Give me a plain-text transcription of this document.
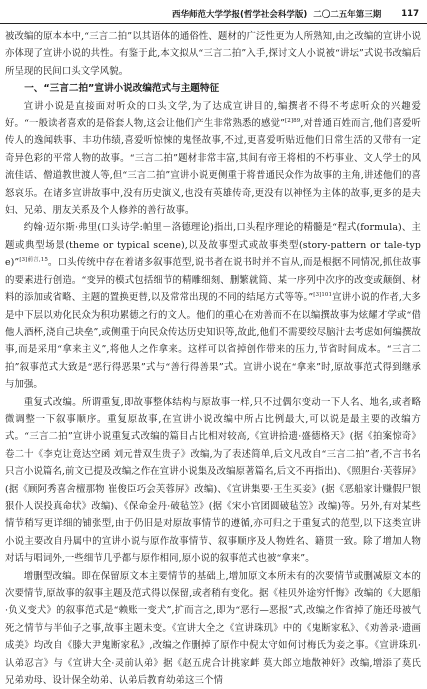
西华师范大学学报(哲学社会科学版) 二〇二五年第三期 117

被改编的原本本中,“三言二拍”以其语体的通俗性、题材的广泛性更为人所熟知,由之改编的宣讲小说亦体现了宣讲小说的共性。有鉴于此,本文拟从“三言二拍”入手,探讨文人小说被“讲坛”式说书改编后所呈现的民间口头文学风貌。

一、“三言二拍”宣讲小说改编范式与主题特征

宣讲小说是直接面对听众的口头文学,为了达成宣讲目的,编撰者不得不考虑听众的兴趣爱好。“一般读者喜欢的是俗套人物,这会让他们产生非常熟悉的感觉”$^{[2]89}$,对普通百姓而言,他们喜爱听传人的逸闻轶事、丰功伟绩,喜爱听惊悚的鬼怪故事,不过,更喜爱听贴近他们日常生活的又带有一定奇异色彩的平常人物的故事。“三言二拍”题材非常丰富,其间有帝王将相的不朽事业、文人学士的风流佳话、僧道教世渡人等,但“三言二拍”宣讲小说更侧重于将普通民众作为故事的主角,讲述他们的喜怒哀乐。在诸多宣讲故事中,没有历史演义,也没有英雄传奇,更没有以神怪为主体的故事,更多的是夫妇、兄弟、朋友关系及个人修养的善行故事。

约翰·迈尔斯·弗里(口头诗学:帕里－洛德理论)指出,口头程序理论的精髓是“程式(formula)、主题或典型场景(theme or typical scene),以及故事型式或故事类型(story-pattern or tale-type)”$^{[3]前言,15}$。口头传统中存在着诸多叙事范型,说书者在说书时并不盲从,而是根据不同情况,抓住故事的要素进行创造。“变异的模式包括细节的精雕细刻、删繁就简、某一序列中次序的改变或颠倒、材料的添加或省略、主题的置换更替,以及常常出现的不同的结尾方式等等。”$^{[3]101}$宣讲小说的作者,大多是中下层以劝化民众为积功累德之行的文人。他们的重心在劝善而不在以编撰故事为炫耀才学或“借他人酒杯,浇自己块垒”,或侧重于向民众传达历史知识等,故此,他们不需要绞尽脑汁去考虑如何编撰故事,而是采用“拿来主义”,将他人之作拿来。这样可以省掉创作带来的压力,节省时间成本。“三言二拍”叙事范式大致是“恶行得恶果”式与“善行得善果”式。宣讲小说在“拿来”时,原故事范式得到继承与加强。

重复式改编。所谓重复,即故事整体结构与原故事一样,只不过偶尔变动一下人名、地名,或者略微调整一下叙事顺序。重复原故事,在宣讲小说改编中所占比例最大,可以说是最主要的改编方式。“三言二拍”宣讲小说重复式改编的篇目占比相对较高,《宣讲拾遗·盛德格天》(据《拍案惊奇》卷二十《李克让竟达空函 刘元普双生贵子》改编,为了表述简单,后文凡改自“三言二拍”者,不言书名只言小说篇名,前文已提及改编之作在宣讲小说集及改编原著篇名,后文不再指出)、《照胆台·芙蓉屏》(据《顾阿秀喜舍檀那物 崔俊臣巧会芙蓉屏》改编)、《宣讲集要·王生买妾》(据《恶船家计赚假尸银 狠仆人误投真命状》改编)、《保命金丹·破毡笠》(据《宋小官团圆破毡笠》改编)等。另外,有对某些情节稍写更详细的铺张型,由于仍旧是对原故事情节的遵循,亦可归之于重复式的范型,以下这类宣讲小说主要改自丹属中的宣讲小说与原作故事情节、叙事顺序及人物姓名、籍贯一致。除了增加人物对话与唱词外,一些细节几乎都与原作相同,原小说的叙事范式也被“拿来”。

增删型改编。即在保留原文本主要情节的基础上,增加原文本所未有的次要情节或删减原文本的次要情节,原故事的叙事主题及范式得以保留,或者稍有变化。据《桂贝外途穷忏悔》改编的《大愿船·负义变犬》的叙事范式是“赖账一变犬”,扩而言之,即为“恶行—恶报”式,改编之作省掉了施还母被气死之情节与半仙子之事,故事主题未变。《宣讲大全之《宣讲珠玑》中的《鬼断家私》、《劝善录·遗画成美》均改自《滕大尹鬼断家私》,改编之作删掉了原作中倪太守如何讨梅氏为妾之事。《宣讲珠玑·认弟忍言》与《宣讲大全·灵前认弟》据《赵五虎合计挑家衅 莫大郎立地散神奸》改编,增添了莫氏兄弟劝母、设计保全幼弟、认弟后教育幼弟这三个情
